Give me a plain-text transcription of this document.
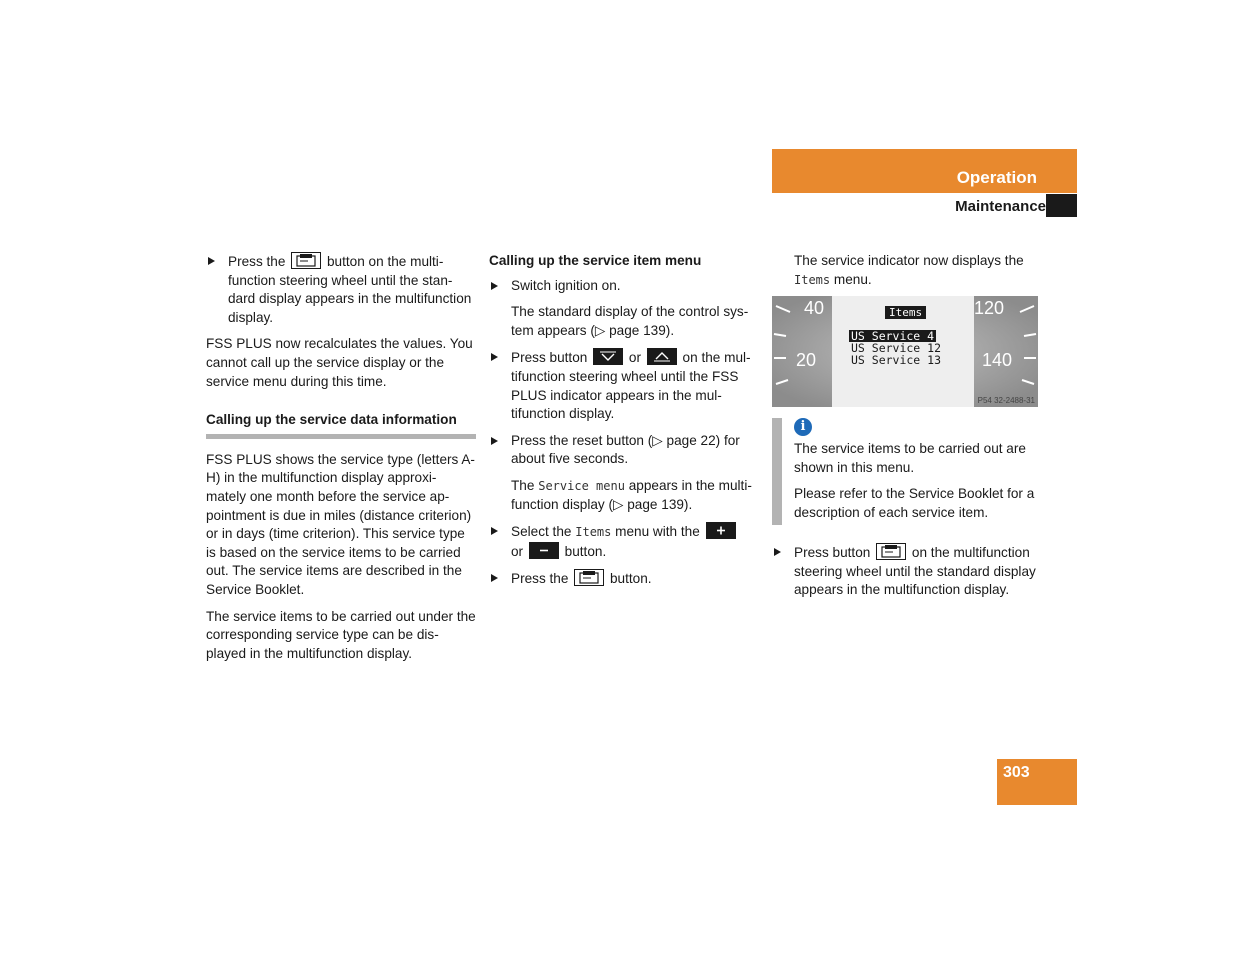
Operation
Maintenance
Press the	button on the multi-function steering wheel until the stan-dard display appears in the multifunction display.

FSS PLUS now recalculates the values. You cannot call up the service display or the service menu during this time.

Calling up the service data information

FSS PLUS shows the service type (letters A-H) in the multifunction display approxi-mately one month before the service ap-pointment is due in miles (distance criterion) or in days (time criterion). This service type is based on the service items to be carried out. The service items are described in the Service Booklet.

The service items to be carried out under the corresponding service type can be dis-played in the multifunction display.

Calling up the service item menu
Switch ignition on.

The standard display of the control sys-tem appears (▷ page 139).

Press button	or	on the mul-tifunction steering wheel until the FSS PLUS indicator appears in the mul-tifunction display.
Press the reset button (▷ page 22) for about five seconds.

The Service menu appears in the multi-function display (▷ page 139).

Select the Items menu with the

or	button.
Press the	button.

The service indicator now displays the Items menu.

40
20
120
140
Items
US Service 4
US Service 12
US Service 13
P54 32-2488-31
i

The service items to be carried out are shown in this menu.

Please refer to the Service Booklet for a description of each service item.

Press button	on the multifunction steering wheel until the standard display appears in the multifunction display.
303
